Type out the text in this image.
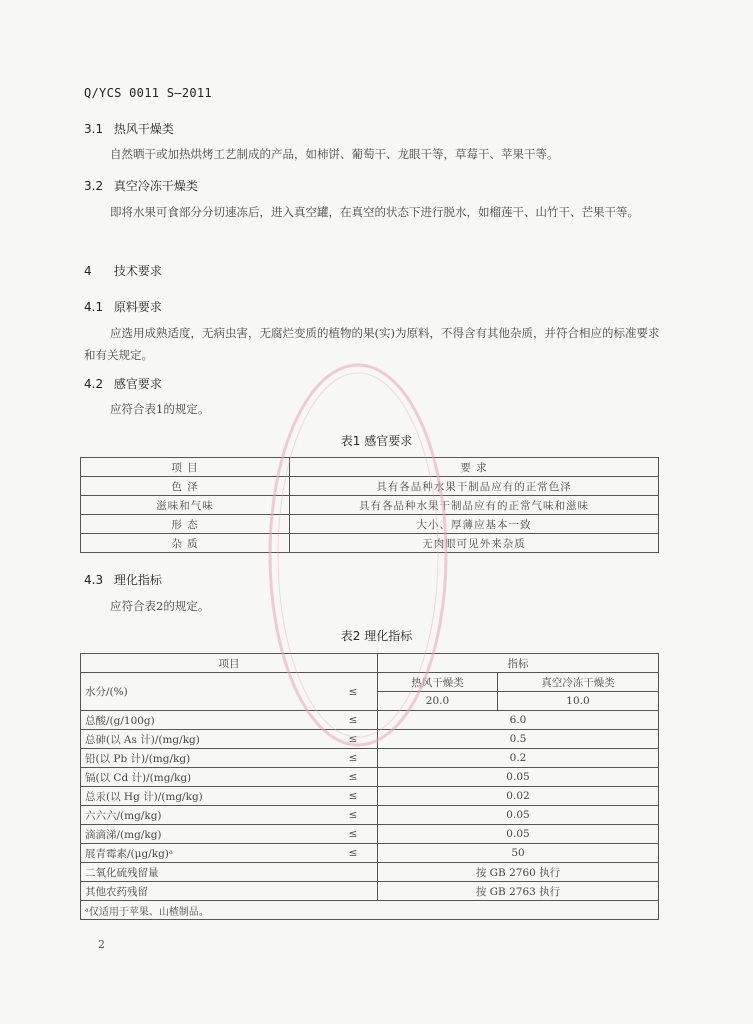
Q/YCS 0011 S—2011
3.1 热风干燥类
自然晒干或加热烘烤工艺制成的产品，如柿饼、葡萄干、龙眼干等，草莓干、苹果干等。
3.2 真空冷冻干燥类
即将水果可食部分分切速冻后，进入真空罐，在真空的状态下进行脱水，如榴莲干、山竹干、芒果干等。
4 技术要求
4.1 原料要求
应选用成熟适度，无病虫害，无腐烂变质的植物的果(实)为原料，不得含有其他杂质，并符合相应的标准要求和有关规定。
4.2 感官要求
应符合表1的规定。
表1 感官要求
项 目	要 求
色 泽	具有各品种水果干制品应有的正常色泽
滋味和气味	具有各品种水果干制品应有的正常气味和滋味
形 态	大小、厚薄应基本一致
杂 质	无肉眼可见外来杂质
4.3 理化指标
应符合表2的规定。
表2 理化指标
项目		指标	
水分/(%)	≤	热风干燥类	真空冷冻干燥类
		20.0	10.0
总酸/(g/100g)	≤	6.0	
总砷(以 As 计)/(mg/kg)	≤	0.5	
铅(以 Pb 计)/(mg/kg)	≤	0.2	
镉(以 Cd 计)/(mg/kg)	≤	0.05	
总汞(以 Hg 计)/(mg/kg)	≤	0.02	
六六六/(mg/kg)	≤	0.05	
滴滴涕/(mg/kg)	≤	0.05	
展青霉素/(μg/kg)ᵃ	≤	50	
二氧化硫残留量		按 GB 2760 执行	
其他农药残留		按 GB 2763 执行	
ᵃ仅适用于苹果、山楂制品。			
2
